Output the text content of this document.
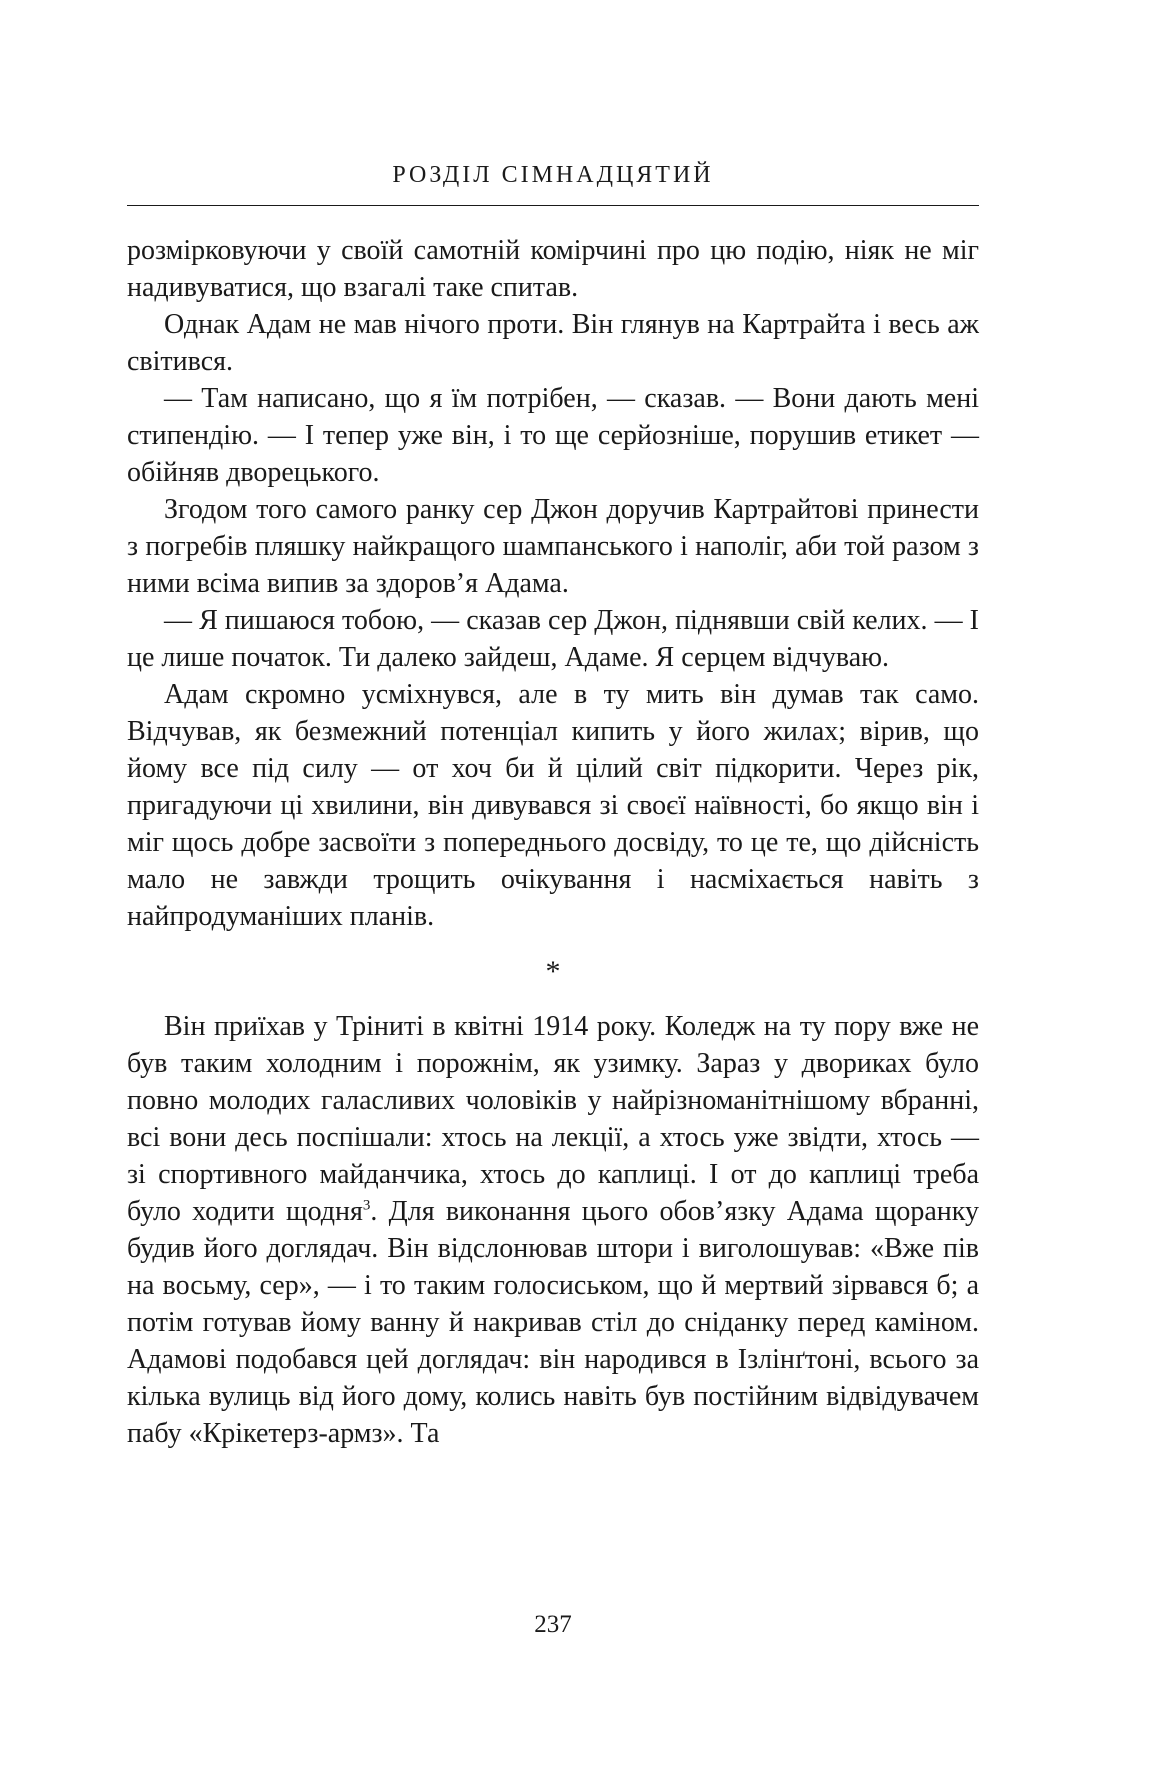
РОЗДІЛ СІМНАДЦЯТИЙ

розмірковуючи у своїй самотній комірчині про цю подію, ніяк не міг надивуватися, що взагалі таке спитав.

Однак Адам не мав нічого проти. Він глянув на Картрайта і весь аж світився.

— Там написано, що я їм потрібен, — сказав. — Вони дають мені стипендію. — І тепер уже він, і то ще серйозніше, порушив етикет — обійняв дворецького.

Згодом того самого ранку сер Джон доручив Картрайтові принести з погребів пляшку найкращого шампанського і наполіг, аби той разом з ними всіма випив за здоров’я Адама.

— Я пишаюся тобою, — сказав сер Джон, піднявши свій келих. — І це лише початок. Ти далеко зайдеш, Адаме. Я серцем відчуваю.

Адам скромно усміхнувся, але в ту мить він думав так само. Відчував, як безмежний потенціал кипить у його жилах; вірив, що йому все під силу — от хоч би й цілий світ підкорити. Через рік, пригадуючи ці хвилини, він дивувався зі своєї наївності, бо якщо він і міг щось добре засвоїти з попереднього досвіду, то це те, що дійсність мало не завжди трощить очікування і насміхається навіть з найпродуманіших планів.

*

Він приїхав у Тріниті в квітні 1914 року. Коледж на ту пору вже не був таким холодним і порожнім, як узимку. Зараз у двориках було повно молодих галасливих чоловіків у найрізноманітнішому вбранні, всі вони десь поспішали: хтось на лекції, а хтось уже звідти, хтось — зі спортивного майданчика, хтось до каплиці. І от до каплиці треба було ходити щодня$^3$. Для виконання цього обов’язку Адама щоранку будив його доглядач. Він відслонював штори і виголошував: «Вже пів на восьму, сер», — і то таким голосиськом, що й мертвий зірвався б; а потім готував йому ванну й накривав стіл до сніданку перед каміном. Адамові подобався цей доглядач: він народився в Ізлінґтоні, всього за кілька вулиць від його дому, колись навіть був постійним відвідувачем пабу «Крікетерз-армз». Та

237
